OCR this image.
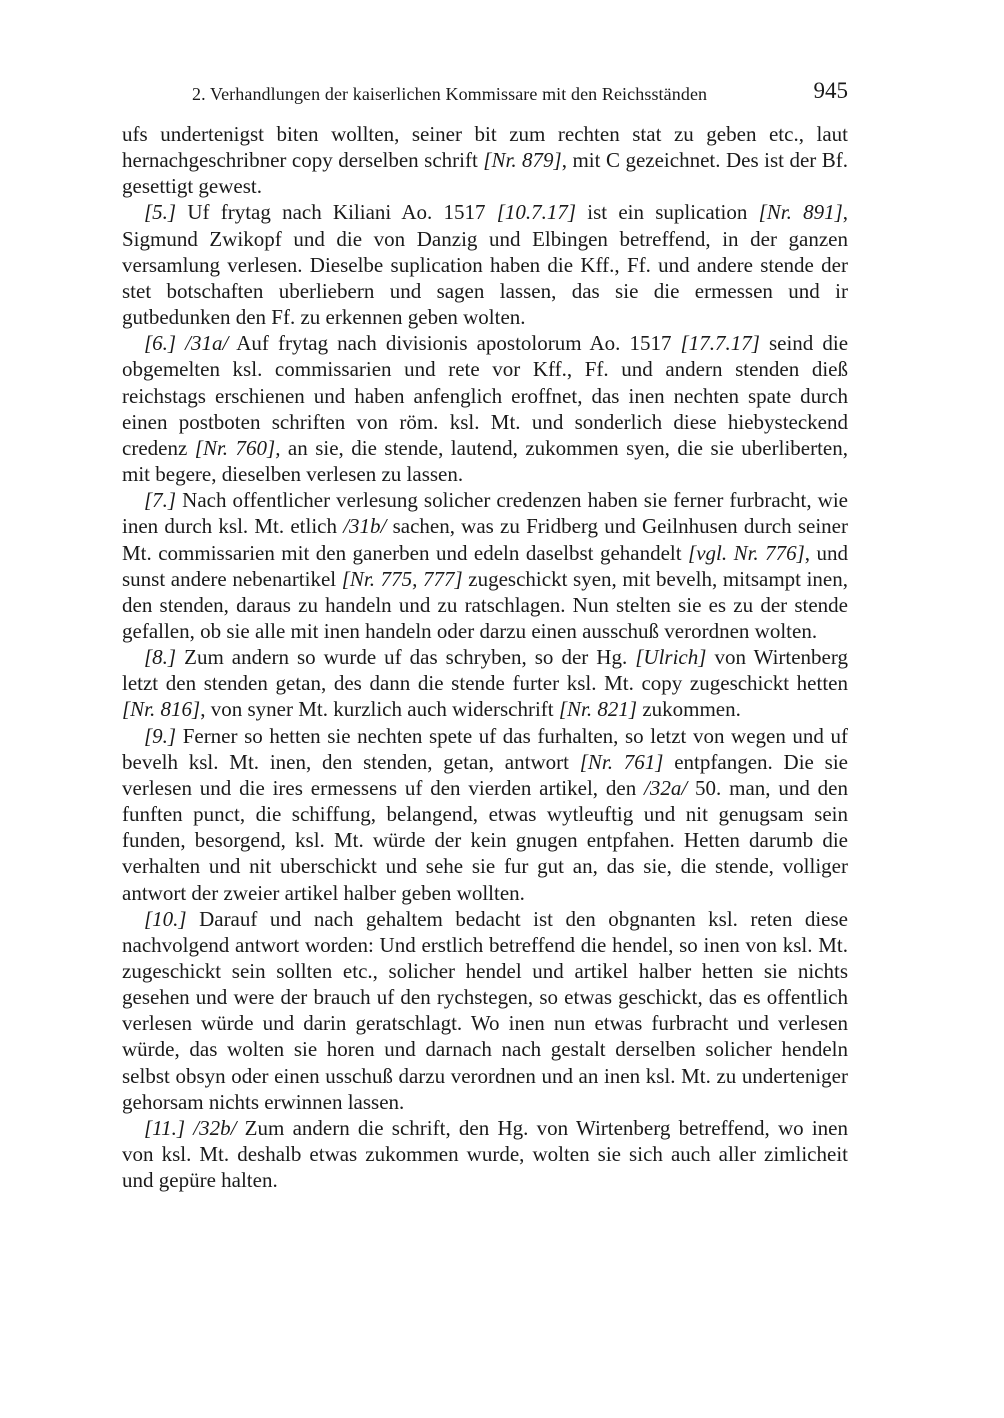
2. Verhandlungen der kaiserlichen Kommissare mit den Reichsständen	945

ufs undertenigst biten wollten, seiner bit zum rechten stat zu geben etc., laut hernachgeschribner copy derselben schrift [Nr. 879], mit C gezeichnet. Des ist der Bf. gesettigt gewest.

[5.] Uf frytag nach Kiliani Ao. 1517 [10.7.17] ist ein suplication [Nr. 891], Sigmund Zwikopf und die von Danzig und Elbingen betreffend, in der ganzen versamlung verlesen. Dieselbe suplication haben die Kff., Ff. und andere stende der stet botschaften uberliebern und sagen lassen, das sie die ermessen und ir gutbedunken den Ff. zu erkennen geben wolten.

[6.] /31a/ Auf frytag nach divisionis apostolorum Ao. 1517 [17.7.17] seind die obgemelten ksl. commissarien und rete vor Kff., Ff. und andern stenden dieß reichstags erschienen und haben anfenglich eroffnet, das inen nechten spate durch einen postboten schriften von röm. ksl. Mt. und sonderlich diese hiebysteckend credenz [Nr. 760], an sie, die stende, lautend, zukommen syen, die sie uberliberten, mit begere, dieselben verlesen zu lassen.

[7.] Nach offentlicher verlesung solicher credenzen haben sie ferner furbracht, wie inen durch ksl. Mt. etlich /31b/ sachen, was zu Fridberg und Geilnhusen durch seiner Mt. commissarien mit den ganerben und edeln daselbst gehandelt [vgl. Nr. 776], und sunst andere nebenartikel [Nr. 775, 777] zugeschickt syen, mit bevelh, mitsampt inen, den stenden, daraus zu handeln und zu ratschlagen. Nun stelten sie es zu der stende gefallen, ob sie alle mit inen handeln oder darzu einen ausschuß verordnen wolten.

[8.] Zum andern so wurde uf das schryben, so der Hg. [Ulrich] von Wirtenberg letzt den stenden getan, des dann die stende furter ksl. Mt. copy zugeschickt hetten [Nr. 816], von syner Mt. kurzlich auch widerschrift [Nr. 821] zukommen.

[9.] Ferner so hetten sie nechten spete uf das furhalten, so letzt von wegen und uf bevelh ksl. Mt. inen, den stenden, getan, antwort [Nr. 761] entpfangen. Die sie verlesen und die ires ermessens uf den vierden artikel, den /32a/ 50. man, und den funften punct, die schiffung, belangend, etwas wytleuftig und nit genugsam sein funden, besorgend, ksl. Mt. würde der kein gnugen entpfahen. Hetten darumb die verhalten und nit uberschickt und sehe sie fur gut an, das sie, die stende, volliger antwort der zweier artikel halber geben wollten.

[10.] Darauf und nach gehaltem bedacht ist den obgnanten ksl. reten diese nachvolgend antwort worden: Und erstlich betreffend die hendel, so inen von ksl. Mt. zugeschickt sein sollten etc., solicher hendel und artikel halber hetten sie nichts gesehen und were der brauch uf den rychstegen, so etwas geschickt, das es offentlich verlesen würde und darin geratschlagt. Wo inen nun etwas furbracht und verlesen würde, das wolten sie horen und darnach nach gestalt derselben solicher hendeln selbst obsyn oder einen usschuß darzu verordnen und an inen ksl. Mt. zu underteniger gehorsam nichts erwinnen lassen.

[11.] /32b/ Zum andern die schrift, den Hg. von Wirtenberg betreffend, wo inen von ksl. Mt. deshalb etwas zukommen wurde, wolten sie sich auch aller zimlicheit und gepüre halten.
